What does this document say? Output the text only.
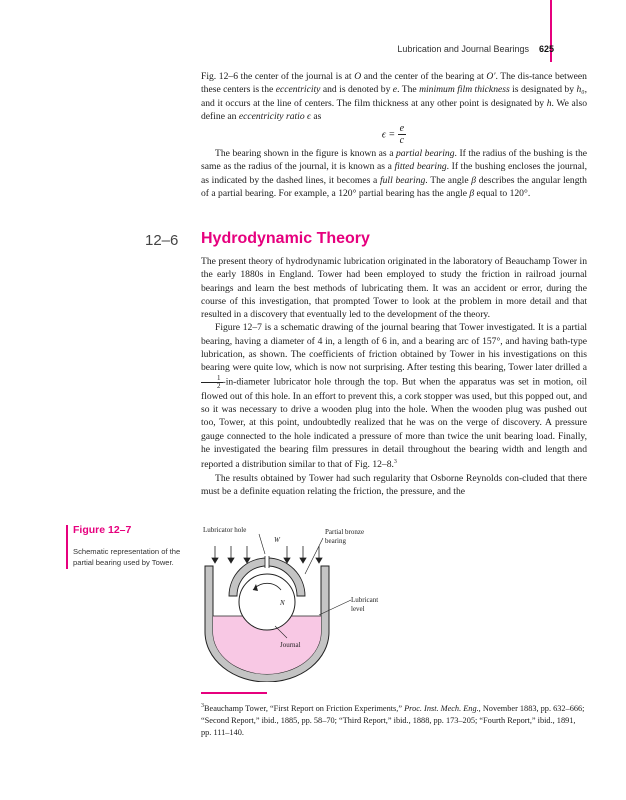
Lubrication and Journal Bearings 625

Fig. 12–6 the center of the journal is at O and the center of the bearing at O′. The dis-tance between these centers is the eccentricity and is denoted by e. The minimum film thickness is designated by h₀, and it occurs at the line of centers. The film thickness at any other point is designated by h. We also define an eccentricity ratio ϵ as

$\epsilon = \frac{e}{c}$

The bearing shown in the figure is known as a partial bearing. If the radius of the bushing is the same as the radius of the journal, it is known as a fitted bearing. If the bushing encloses the journal, as indicated by the dashed lines, it becomes a full bearing. The angle β describes the angular length of a partial bearing. For example, a 120° partial bearing has the angle β equal to 120°.

12–6 Hydrodynamic Theory

The present theory of hydrodynamic lubrication originated in the laboratory of Beauchamp Tower in the early 1880s in England. Tower had been employed to study the friction in railroad journal bearings and learn the best methods of lubricating them. It was an accident or error, during the course of this investigation, that prompted Tower to look at the problem in more detail and that resulted in a discovery that eventually led to the development of the theory.

Figure 12–7 is a schematic drawing of the journal bearing that Tower investigated. It is a partial bearing, having a diameter of 4 in, a length of 6 in, and a bearing arc of 157°, and having bath-type lubrication, as shown. The coefficients of friction obtained by Tower in his investigations on this bearing were quite low, which is now not surprising. After testing this bearing, Tower later drilled a
$\frac{1}{2}$ -in-diameter lubricator hole through the top. But when the apparatus was set in motion, oil flowed out of this hole. In an effort to prevent this, a cork stopper was used, but this popped out, and so it was necessary to drive a wooden plug into the hole. When the wooden plug was pushed out too, Tower, at this point, undoubtedly realized that he was on the verge of discovery. A pressure gauge connected to the hole indicated a pressure of more than twice the unit bearing load. Finally, he investigated the bearing film pressures in detail throughout the bearing width and length and reported a distribution similar to that of Fig. 12–8.$^3$

The results obtained by Tower had such regularity that Osborne Reynolds con-cluded that there must be a definite equation relating the friction, the pressure, and the

Figure 12–7
Schematic representation of the partial bearing used by Tower.
Lubricator hole
W
Partial bronze
bearing
N	Lubricant
level
Journal
$^3$Beauchamp Tower, “First Report on Friction Experiments,” Proc. Inst. Mech. Eng., November 1883, pp. 632–666; “Second Report,” ibid., 1885, pp. 58–70; “Third Report,” ibid., 1888, pp. 173–205; “Fourth Report,” ibid., 1891, pp. 111–140.
